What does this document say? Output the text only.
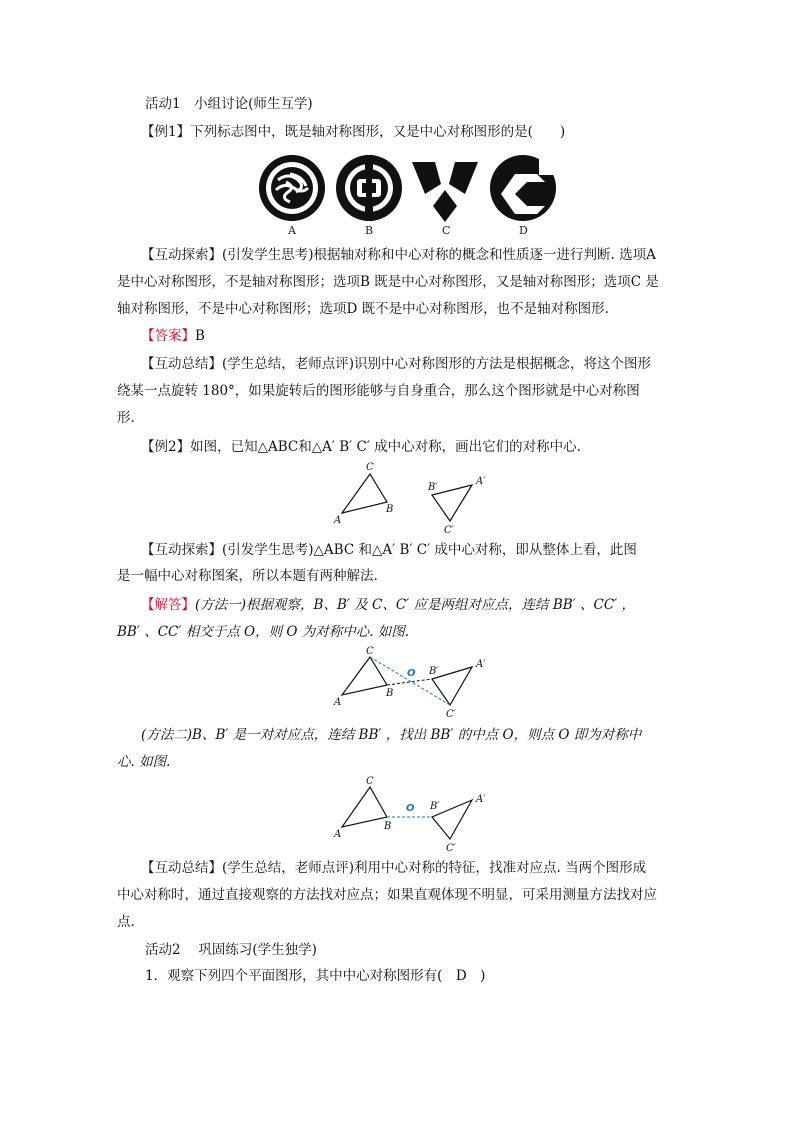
活动1　小组讨论(师生互学)
【例1】下列标志图中，既是轴对称图形，又是中心对称图形的是(　　)
A	B	C	D
【互动探索】(引发学生思考)根据轴对称和中心对称的概念和性质逐一进行判断. 选项A
是中心对称图形，不是轴对称图形；选项B 既是中心对称图形，又是轴对称图形；选项C 是
轴对称图形，不是中心对称图形；选项D 既不是中心对称图形，也不是轴对称图形.
【答案】B
【互动总结】(学生总结，老师点评)识别中心对称图形的方法是根据概念，将这个图形
绕某一点旋转 180°，如果旋转后的图形能够与自身重合，那么这个图形就是中心对称图
形.
【例2】如图，已知△ABC和△A′ B′ C′ 成中心对称，画出它们的对称中心.
A
B
C
A′
B′
C′
【互动探索】(引发学生思考)△ABC 和△A′ B′ C′ 成中心对称，即从整体上看，此图
是一幅中心对称图案，所以本题有两种解法.
【解答】(方法一)根据观察，B、B′ 及 C、C′ 应是两组对应点，连结 BB′ 、CC′ ，
BB′ 、CC′ 相交于点 O，则 O 为对称中心. 如图.
A
B
C
O B′
A′
C′
(方法二)B、B′ 是一对对应点，连结 BB′ ，找出 BB′ 的中点 O，则点 O 即为对称中
心. 如图.
A
B
C
O B′
A′
C′
【互动总结】(学生总结，老师点评)利用中心对称的特征，找准对应点. 当两个图形成
中心对称时，通过直接观察的方法找对应点；如果直观体现不明显，可采用测量方法找对应
点.
活动2　 巩固练习(学生独学)
1．观察下列四个平面图形，其中中心对称图形有(　D　)
